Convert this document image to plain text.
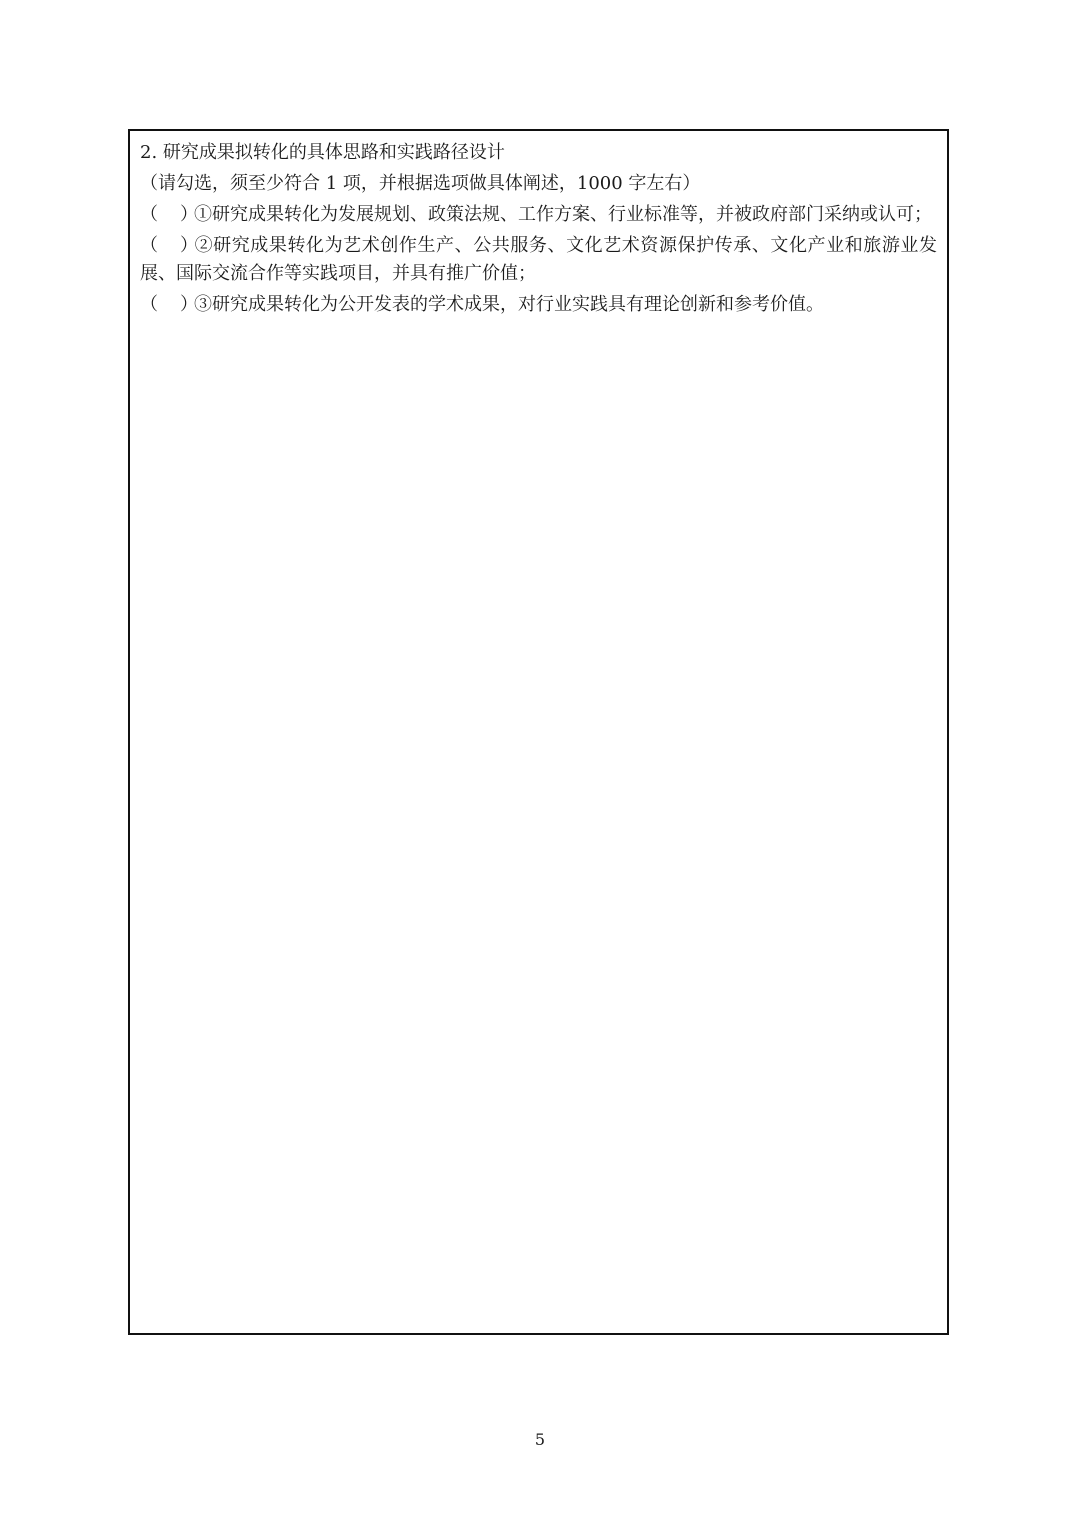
2. 研究成果拟转化的具体思路和实践路径设计

（请勾选，须至少符合 1 项，并根据选项做具体阐述，1000 字左右）

（ ）①研究成果转化为发展规划、政策法规、工作方案、行业标准等，并被政府部门采纳或认可；

（ ）②研究成果转化为艺术创作生产、公共服务、文化艺术资源保护传承、文化产业和旅游业发展、国际交流合作等实践项目，并具有推广价值；

（ ）③研究成果转化为公开发表的学术成果，对行业实践具有理论创新和参考价值。

5
